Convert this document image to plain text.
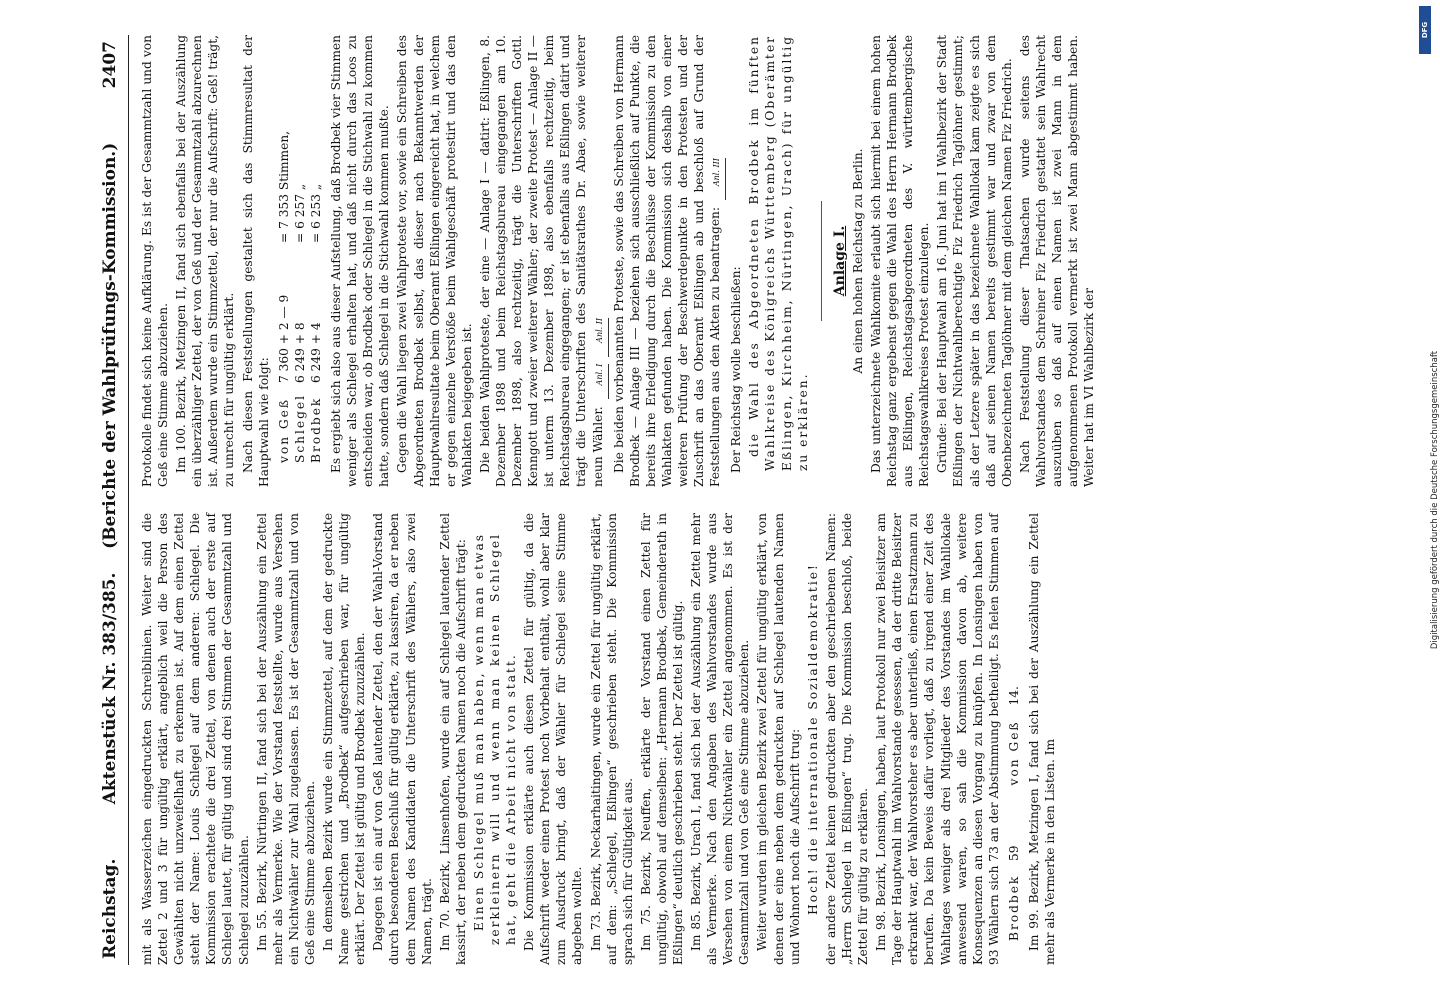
Reichstag.
Aktenstück Nr. 383/385.    (Berichte der Wahlprüfungs-Kommission.)
2407

mit als Wasserzeichen eingedruckten Schreiblinien. Weiter sind die Zettel 2 und 3 für ungültig erklärt, angeblich weil die Person des Gewählten nicht unzweifelhaft zu erkennen ist. Auf dem einen Zettel steht der Name: Louis Schlegel auf dem anderen: Schlegel. Die Kommission erachtete die drei Zettel, von denen auch der erste auf Schlegel lautet, für gültig und sind drei Stimmen der Gesammtzahl und Schlegel zuzuzählen. Im 55. Bezirk, Nürtingen II, fand sich bei der Auszählung ein Zettel mehr als Vermerke. Wie der Vorstand feststellte, wurde aus Versehen ein Nichtwähler zur Wahl zugelassen. Es ist der Gesammtzahl und von Geß eine Stimme abzuziehen. In demselben Bezirk wurde ein Stimmzettel, auf dem der gedruckte Name gestrichen und „Brodbek“ aufgeschrieben war, für ungültig erklärt. Der Zettel ist gültig und Brodbek zuzuzählen. Dagegen ist ein auf von Geß lautender Zettel, den der Wahl-Vorstand durch besonderen Beschluß für gültig erklärte, zu kassiren, da er neben dem Namen des Kandidaten die Unterschrift des Wählers, also zwei Namen, trägt. Im 70. Bezirk, Linsenhofen, wurde ein auf Schlegel lautender Zettel kassirt, der neben dem gedruckten Namen noch die Aufschrift trägt: Einen Schlegel muß man haben, wenn man etwas zerkleinern will und wenn man keinen Schlegel hat, geht die Arbeit nicht von statt. Die Kommission erklärte auch diesen Zettel für gültig, da die Aufschrift weder einen Protest noch Vorbehalt enthält, wohl aber klar zum Ausdruck bringt, daß der Wähler für Schlegel seine Stimme abgeben wollte. Im 73. Bezirk, Neckarhaitingen, wurde ein Zettel für ungültig erklärt, auf dem: „Schlegel, Eßlingen“ geschrieben steht. Die Kommission sprach sich für Gültigkeit aus. Im 75. Bezirk, Neuffen, erklärte der Vorstand einen Zettel für ungültig, obwohl auf demselben: „Hermann Brodbek, Gemeinderath in Eßlingen“ deutlich geschrieben steht. Der Zettel ist gültig. Im 85. Bezirk, Urach I, fand sich bei der Auszählung ein Zettel mehr als Vermerke. Nach den Angaben des Wahlvorstandes wurde aus Versehen von einem Nichtwähler ein Zettel angenommen. Es ist der Gesammtzahl und von Geß eine Stimme abzuziehen. Weiter wurden im gleichen Bezirk zwei Zettel für ungültig erklärt, von denen der eine neben dem gedruckten auf Schlegel lautenden Namen und Wohnort noch die Aufschrift trug: Hoch! die internationale Sozialdemokratie! der andere Zettel keinen gedruckten aber den geschriebenen Namen: „Herrn Schlegel in Eßlingen“ trug. Die Kommission beschloß, beide Zettel für gültig zu erklären. Im 98. Bezirk, Lonsingen, haben, laut Protokoll nur zwei Beisitzer am Tage der Hauptwahl im Wahlvorstande gesessen, da der dritte Beisitzer erkrankt war, der Wahlvorsteher es aber unterließ, einen Ersatzmann zu berufen. Da kein Beweis dafür vorliegt, daß zu irgend einer Zeit des Wahltages weniger als drei Mitglieder des Vorstandes im Wahllokale anwesend waren, so sah die Kommission davon ab, weitere Konsequenzen an diesen Vorgang zu knüpfen. In Lonsingen haben von 93 Wählern sich 73 an der Abstimmung betheiligt. Es fielen Stimmen auf Brodbek
59
von Geß
14. Im 99. Bezirk, Metzingen I, fand sich bei der Auszählung ein Zettel mehr als Vermerke in den Listen. Im

Protokolle findet sich keine Aufklärung. Es ist der Gesammtzahl und von Geß eine Stimme abzuziehen. Im 100. Bezirk, Metzingen II, fand sich ebenfalls bei der Auszählung ein überzähliger Zettel, der von Geß und der Gesammtzahl abzurechnen ist. Außerdem wurde ein Stimmzettel, der nur die Aufschrift: Geß! trägt, zu unrecht für ungültig erklärt. Nach diesen Feststellungen gestaltet sich das Stimmresultat der Hauptwahl wie folgt: von Geß
7 360 + 2 — 9
= 7 353 Stimmen,
Schlegel
6 249 + 8
= 6 257 „
Brodbek
6 249 + 4
= 6 253 „ Es ergiebt sich also aus dieser Aufstellung, daß Brodbek vier Stimmen weniger als Schlegel erhalten hat, und daß nicht durch das Loos zu entscheiden war, ob Brodbek oder Schlegel in die Stichwahl zu kommen hatte, sondern daß Schlegel in die Stichwahl kommen mußte. Gegen die Wahl liegen zwei Wahlproteste vor, sowie ein Schreiben des Abgeordneten Brodbek selbst, das dieser nach Bekanntwerden der Hauptwahlresultate beim Oberamt Eßlingen eingereicht hat, in welchem er gegen einzelne Verstöße beim Wahlgeschäft protestirt und das den Wahlakten beigegeben ist. Die beiden Wahlproteste, der eine — Anlage I — datirt: Eßlingen, 8. Dezember 1898 und beim Reichstagsbureau eingegangen am 10. Dezember 1898, also rechtzeitig, trägt die Unterschriften Gottl. Kenngott und zweier weiterer Wähler; der zweite Protest — Anlage II — ist unterm 13. Dezember 1898, also ebenfalls rechtzeitig, beim Reichstagsbureau eingegangen; er ist ebenfalls aus Eßlingen datirt und trägt die Unterschriften des Sanitätsrathes Dr. Abae, sowie weiterer neun Wähler. Anl. I Anl. II Die beiden vorbenannten Proteste, sowie das Schreiben von Hermann Brodbek — Anlage III — beziehen sich ausschließlich auf Punkte, die bereits ihre Erledigung durch die Beschlüsse der Kommission zu den Wahlakten gefunden haben. Die Kommission sich deshalb von einer weiteren Prüfung der Beschwerdepunkte in den Protesten und der Zuschrift an das Oberamt Eßlingen ab und beschloß auf Grund der Feststellungen aus den Akten zu beantragen: Anl. III

Der Reichstag wolle beschließen: die Wahl des Abgeordneten Brodbek im fünften Wahlkreise des Königreichs Württemberg (Oberämter Eßlingen, Kirchheim, Nürtingen, Urach) für ungültig zu erklären.

Anlage I. An einen hohen Reichstag zu Berlin. Das unterzeichnete Wahlkomite erlaubt sich hiermit bei einem hohen Reichstag ganz ergebenst gegen die Wahl des Herrn Hermann Brodbek aus Eßlingen, Reichstagsabgeordneten des V. württembergische Reichstagswahlkreises Protest einzulegen. Gründe: Bei der Hauptwahl am 16. Juni hat im I Wahlbezirk der Stadt Eßlingen der Nichtwahlberechtigte Fiz Friedrich Taglöhner gestimmt; als der Letzere später in das bezeichnete Wahllokal kam zeigte es sich daß auf seinen Namen bereits gestimmt war und zwar von dem Obenbezeichneten Taglöhner mit dem gleichen Namen Fiz Friedrich. Nach Feststellung dieser Thatsachen wurde seitens des Wahlvorstandes dem Schreiner Fiz Friedrich gestattet sein Wahlrecht auszuüben so daß auf einen Namen ist zwei Mann in dem aufgenommenen Protokoll vermerkt ist zwei Mann abgestimmt haben. Weiter hat im VI Wahlbezirk der

DFG
Digitalisierung gefördert durch die Deutsche Forschungsgemeinschaft
